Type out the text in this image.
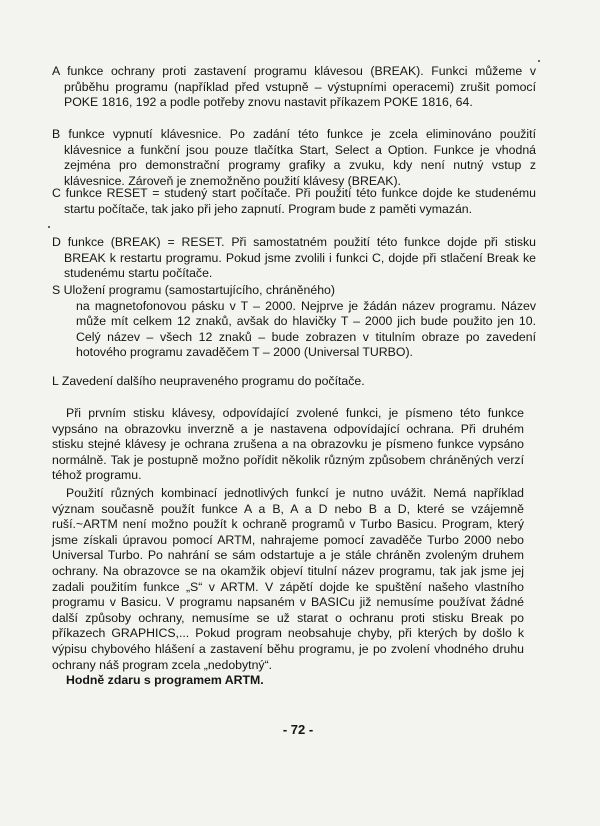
A funkce ochrany proti zastavení programu klávesou (BREAK). Funkci můžeme v průběhu programu (například před vstupně – výstupními operacemi) zrušit pomocí POKE 1816, 192 a podle potřeby znovu nastavit příkazem POKE 1816, 64.
B funkce vypnutí klávesnice. Po zadání této funkce je zcela eliminováno použití klávesnice a funkční jsou pouze tlačítka Start, Select a Option. Funkce je vhodná zejména pro demonstrační programy grafiky a zvuku, kdy není nutný vstup z klávesnice. Zároveň je znemožněno použití klávesy (BREAK).
C funkce RESET = studený start počítače. Při použití této funkce dojde ke studenému startu počítače, tak jako při jeho zapnutí. Program bude z paměti vymazán.
D funkce (BREAK) = RESET. Při samostatném použití této funkce dojde při stisku BREAK k restartu programu. Pokud jsme zvolili i funkci C, dojde při stlačení Break ke studenému startu počítače.
S Uložení programu (samostartujícího, chráněného)
na magnetofonovou pásku v T – 2000. Nejprve je žádán název programu. Název může mít celkem 12 znaků, avšak do hlavičky T – 2000 jich bude použito jen 10. Celý název – všech 12 znaků – bude zobrazen v titulním obraze po zavedení hotového programu zavaděčem T – 2000 (Universal TURBO).
L Zavedení dalšího neupraveného programu do počítače.
Při prvním stisku klávesy, odpovídající zvolené funkci, je písmeno této funkce vypsáno na obrazovku inverzně a je nastavena odpovídající ochrana. Při druhém stisku stejné klávesy je ochrana zrušena a na obrazovku je písmeno funkce vypsáno normálně. Tak je postupně možno pořídit několik různým způsobem chráněných verzí téhož programu.
Použití různých kombinací jednotlivých funkcí je nutno uvážit. Nemá například význam současně použít funkce A a B, A a D nebo B a D, které se vzájemně ruší.~ARTM není možno použít k ochraně programů v Turbo Basicu. Program, který jsme získali úpravou pomocí ARTM, nahrajeme pomocí zavaděče Turbo 2000 nebo Universal Turbo. Po nahrání se sám odstartuje a je stále chráněn zvoleným druhem ochrany. Na obrazovce se na okamžik objeví titulní název programu, tak jak jsme jej zadali použitím funkce „S“ v ARTM. V zápětí dojde ke spuštění našeho vlastního programu v Basicu. V programu napsaném v BASICu již nemusíme používat žádné další způsoby ochrany, nemusíme se už starat o ochranu proti stisku Break po příkazech GRAPHICS,... Pokud program neobsahuje chyby, při kterých by došlo k výpisu chybového hlášení a zastavení běhu programu, je po zvolení vhodného druhu ochrany náš program zcela „nedobytný“.
Hodně zdaru s programem ARTM.
- 72 -
